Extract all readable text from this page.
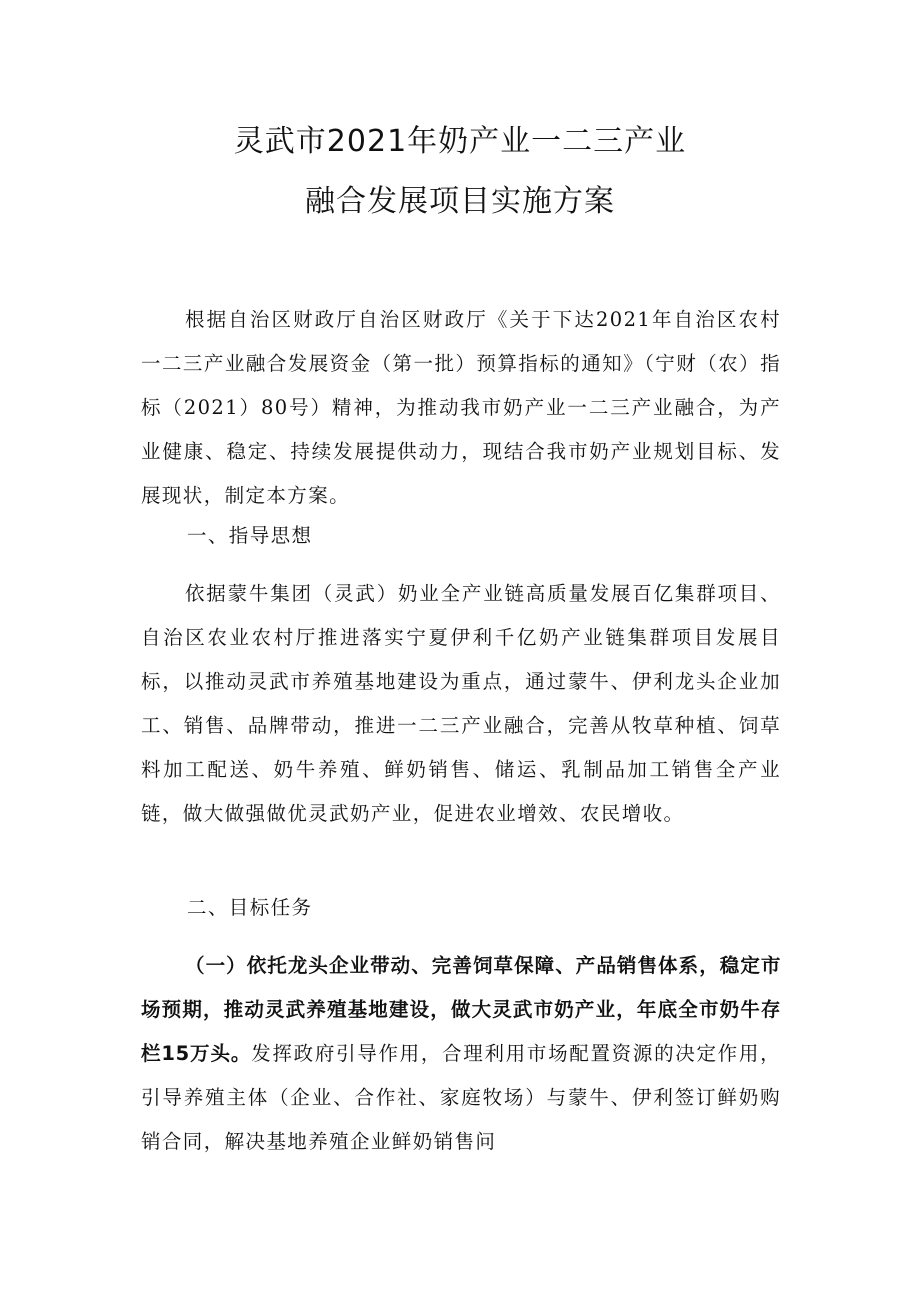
灵武市2021年奶产业一二三产业
融合发展项目实施方案

根据自治区财政厅自治区财政厅《关于下达2021年自治区农村一二三产业融合发展资金（第一批）预算指标的通知》（宁财（农）指标（2021）80号）精神，为推动我市奶产业一二三产业融合，为产业健康、稳定、持续发展提供动力，现结合我市奶产业规划目标、发展现状，制定本方案。

一、指导思想

依据蒙牛集团（灵武）奶业全产业链高质量发展百亿集群项目、自治区农业农村厅推进落实宁夏伊利千亿奶产业链集群项目发展目标，以推动灵武市养殖基地建设为重点，通过蒙牛、伊利龙头企业加工、销售、品牌带动，推进一二三产业融合，完善从牧草种植、饲草料加工配送、奶牛养殖、鲜奶销售、储运、乳制品加工销售全产业链，做大做强做优灵武奶产业，促进农业增效、农民增收。

二、目标任务

（一）依托龙头企业带动、完善饲草保障、产品销售体系，稳定市场预期，推动灵武养殖基地建设，做大灵武市奶产业，年底全市奶牛存栏15万头。发挥政府引导作用，合理利用市场配置资源的决定作用，引导养殖主体（企业、合作社、家庭牧场）与蒙牛、伊利签订鲜奶购销合同，解决基地养殖企业鲜奶销售问
